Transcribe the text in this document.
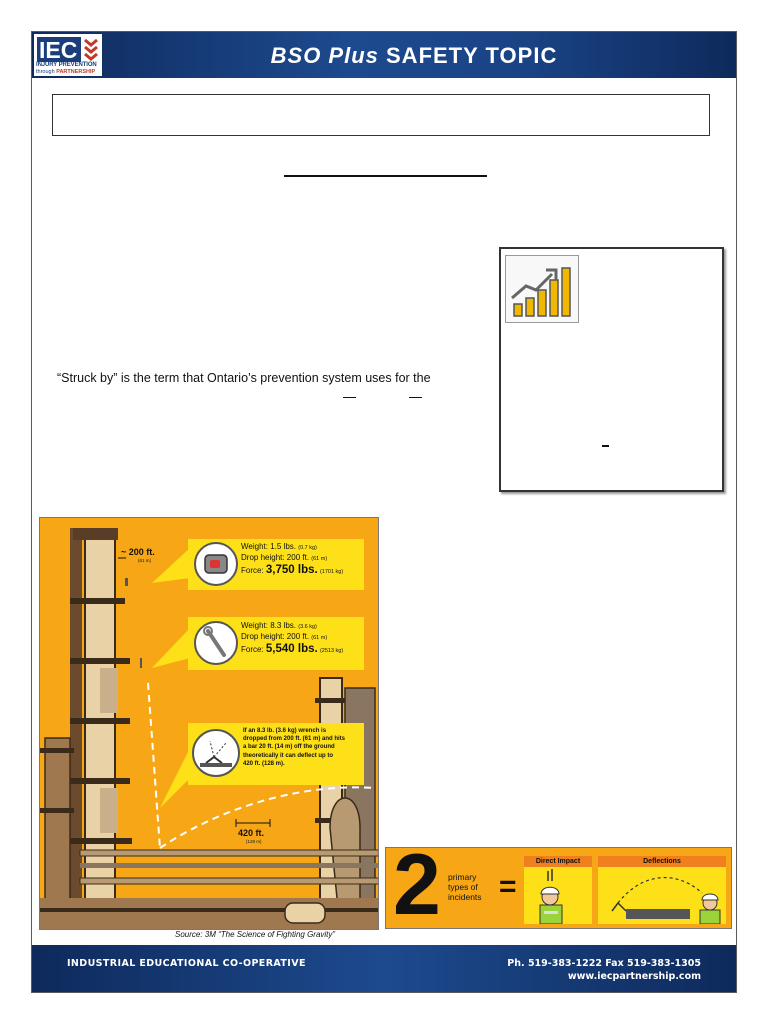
IEC
INJURY PREVENTION
through PARTNERSHIP
BSO Plus SAFETY TOPIC
“Struck by” is the term that Ontario’s prevention system uses for the
~ 200 ft.
(61 m)
Weight: 1.5 lbs. (0.7 kg)
Drop height: 200 ft. (61 m)
Force: 3,750 lbs. (1701 kg)
Weight: 8.3 lbs. (3.6 kg)
Drop height: 200 ft. (61 m)
Force: 5,540 lbs. (2513 kg)
If an 8.3 lb. (3.6 kg) wrench is
dropped from 200 ft. (61 m) and hits
a bar 20 ft. (14 m) off the ground
theoretically it can deflect up to
420 ft. (128 m).
420 ft.
(128 m)
Source: 3M “The Science of Fighting Gravity”
2 primary
types of
incidents =
Direct Impact	Deflections
INDUSTRIAL EDUCATIONAL CO-OPERATIVE	Ph. 519-383-1222 Fax 519-383-1305
www.iecpartnership.com
